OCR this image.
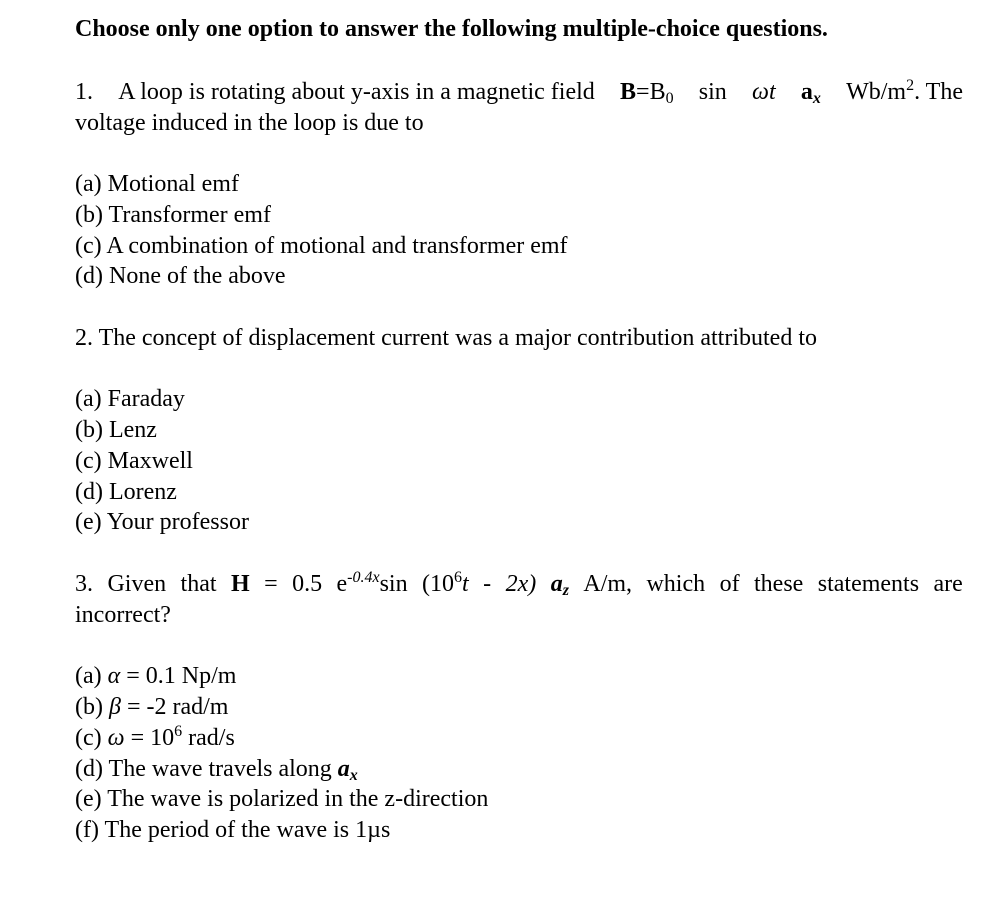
Choose only one option to answer the following multiple-choice questions.
1. A loop is rotating about y-axis in a magnetic field $B=B_0$ sin ωt $a_x$ $Wb/m^2$. The
voltage induced in the loop is due to
(a) Motional emf
(b) Transformer emf
(c) A combination of motional and transformer emf
(d) None of the above
2. The concept of displacement current was a major contribution attributed to
(a) Faraday
(b) Lenz
(c) Maxwell
(d) Lorenz
(e) Your professor
3. Given that H = 0.5 $e^{-0.4x}\sin$ $(10^6t - 2x)$ $a_z$ A/m, which of these statements are
incorrect?
(a) α = 0.1 Np/m
(b) β = -2 rad/m
(c) $\omega = 10^6$ rad/s
(d) The wave travels along $a_x$
(e) The wave is polarized in the z-direction
(f) The period of the wave is 1µs
